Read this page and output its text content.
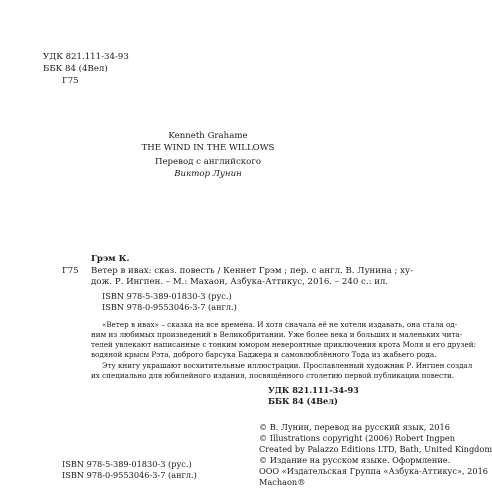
УДК 821.111-34-93
ББК 84 (4Вел)
Г75
Kenneth Grahame
THE WIND IN THE WILLOWS
Перевод с английского
Виктор Лунин
Грэм К.
Г75 Ветер в ивах: сказ. повесть / Кеннет Грэм ; пер. с англ. В. Лунина ; ху-
дож. Р. Ингпен. – М.: Махаон, Азбука-Аттикус, 2016. – 240 с.: ил.
ISBN 978-5-389-01830-3 (рус.)
ISBN 978-0-9553046-3-7 (англ.)
«Ветер в ивах» – сказка на все времена. И хотя сначала её не хотели издавать, она стала од-
ним из любимых произведений в Великобритании. Уже более века и больших и маленьких чита-
телей увлекают написанные с тонким юмором невероятные приключения крота Моля и его друзей:
водяной крысы Рэта, доброго барсука Баджера и самовлюблённого Тода из жабьего рода.
Эту книгу украшают восхитительные иллюстрации. Прославленный художник Р. Ингпен создал
их специально для юбилейного издания, посвящённого столетию первой публикации повести.
УДК 821.111-34-93
ББК 84 (4Вел)
© В. Лунин, перевод на русский язык, 2016
© Illustrations copyright (2006) Robert Ingpen
Created by Palazzo Editions LTD, Bath, United Kingdom
© Издание на русском языке. Оформление.
ООО «Издательская Группа «Азбука-Аттикус», 2016
Machaon®
ISBN 978-5-389-01830-3 (рус.)
ISBN 978-0-9553046-3-7 (англ.)
